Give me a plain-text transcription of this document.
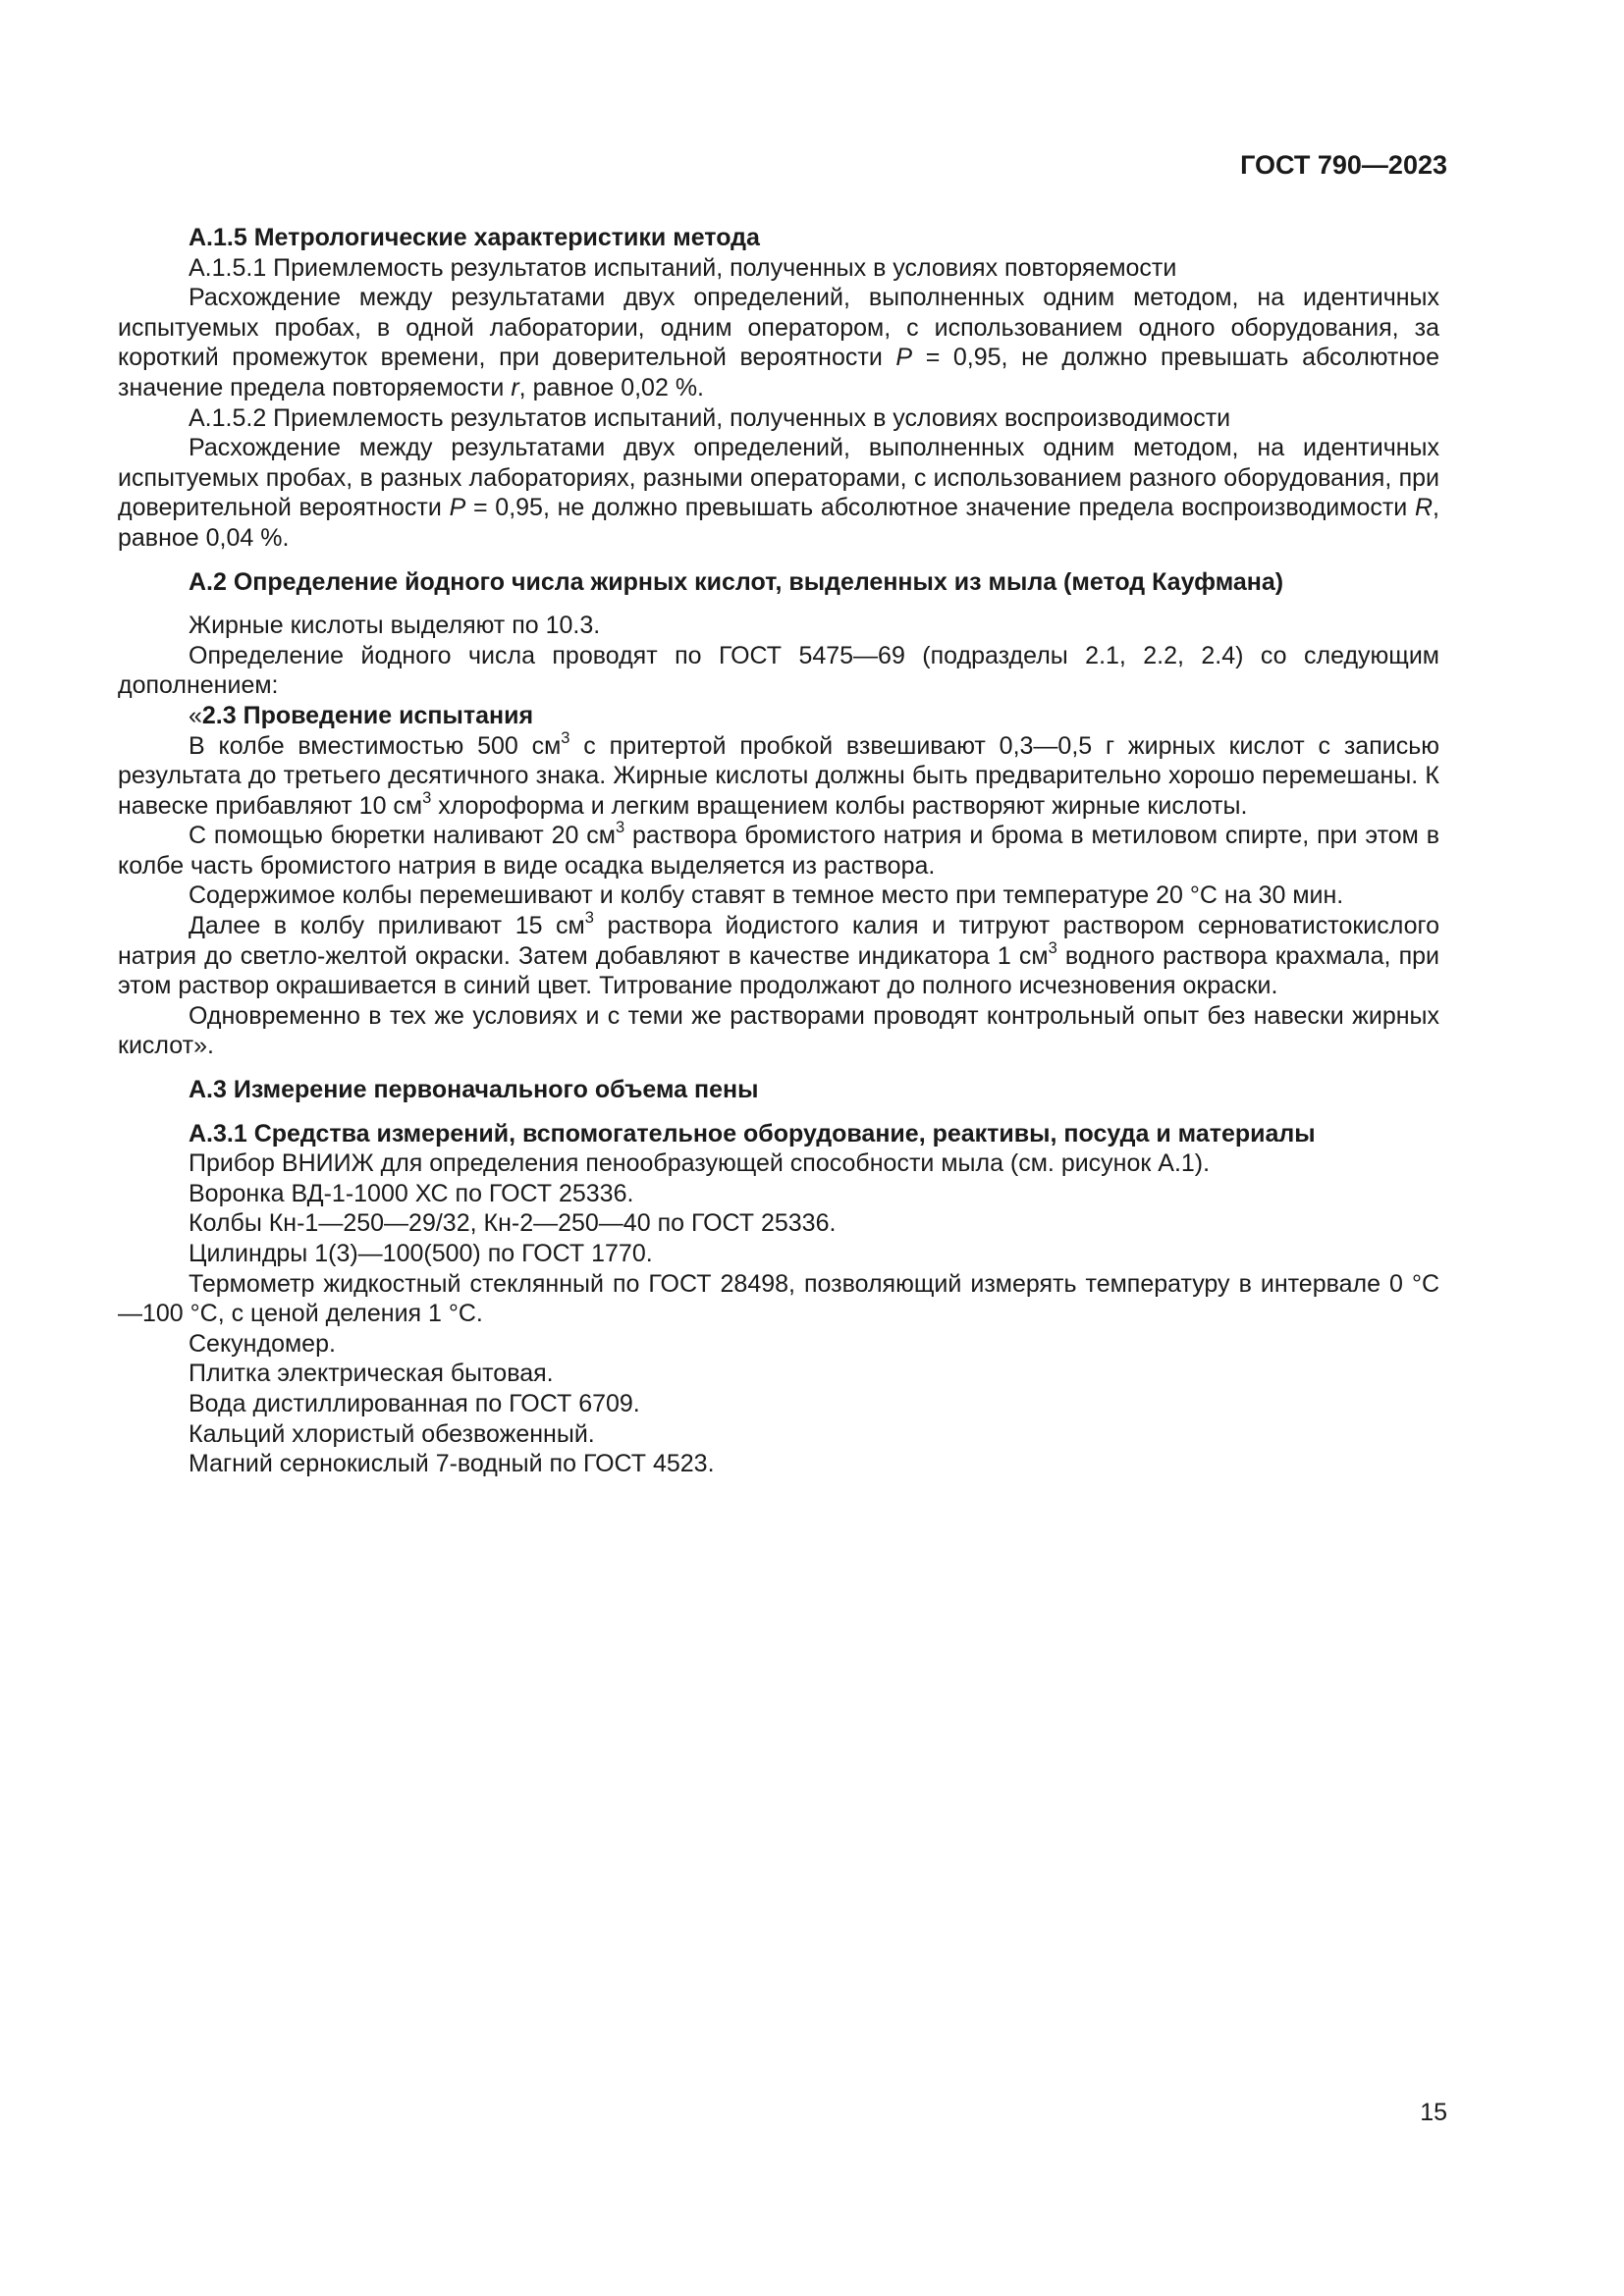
ГОСТ 790—2023
А.1.5 Метрологические характеристики метода

А.1.5.1 Приемлемость результатов испытаний, полученных в условиях повторяемости

Расхождение между результатами двух определений, выполненных одним методом, на идентичных испытуемых пробах, в одной лаборатории, одним оператором, с использованием одного оборудования, за короткий промежуток времени, при доверительной вероятности P = 0,95, не должно превышать абсолютное значение предела повторяемости r, равное 0,02 %.

А.1.5.2 Приемлемость результатов испытаний, полученных в условиях воспроизводимости

Расхождение между результатами двух определений, выполненных одним методом, на идентичных испытуемых пробах, в разных лабораториях, разными операторами, с использованием разного оборудования, при доверительной вероятности P = 0,95, не должно превышать абсолютное значение предела воспроизводимости R, равное 0,04 %.

А.2 Определение йодного числа жирных кислот, выделенных из мыла (метод Кауфмана)

Жирные кислоты выделяют по 10.3.

Определение йодного числа проводят по ГОСТ 5475—69 (подразделы 2.1, 2.2, 2.4) со следующим дополнением:

«2.3 Проведение испытания

В колбе вместимостью 500 $см^3$ с притертой пробкой взвешивают 0,3—0,5 г жирных кислот с записью результата до третьего десятичного знака. Жирные кислоты должны быть предварительно хорошо перемешаны. К навеске прибавляют 10 $см^3$ хлороформа и легким вращением колбы растворяют жирные кислоты.

С помощью бюретки наливают 20 $см^3$ раствора бромистого натрия и брома в метиловом спирте, при этом в колбе часть бромистого натрия в виде осадка выделяется из раствора.

Содержимое колбы перемешивают и колбу ставят в темное место при температуре 20 °C на 30 мин.

Далее в колбу приливают 15 $см^3$ раствора йодистого калия и титруют раствором серноватистокислого натрия до светло-желтой окраски. Затем добавляют в качестве индикатора 1 $см^3$ водного раствора крахмала, при этом раствор окрашивается в синий цвет. Титрование продолжают до полного исчезновения окраски.

Одновременно в тех же условиях и с теми же растворами проводят контрольный опыт без навески жирных кислот».

А.3 Измерение первоначального объема пены
А.3.1 Средства измерений, вспомогательное оборудование, реактивы, посуда и материалы

Прибор ВНИИЖ для определения пенообразующей способности мыла (см. рисунок А.1).

Воронка ВД-1-1000 ХС по ГОСТ 25336.

Колбы Кн-1—250—29/32, Кн-2—250—40 по ГОСТ 25336.

Цилиндры 1(3)—100(500) по ГОСТ 1770.

Термометр жидкостный стеклянный по ГОСТ 28498, позволяющий измерять температуру в интервале 0 °C —100 °C, с ценой деления 1 °C.

Секундомер.

Плитка электрическая бытовая.

Вода дистиллированная по ГОСТ 6709.

Кальций хлористый обезвоженный.

Магний сернокислый 7-водный по ГОСТ 4523.

15
